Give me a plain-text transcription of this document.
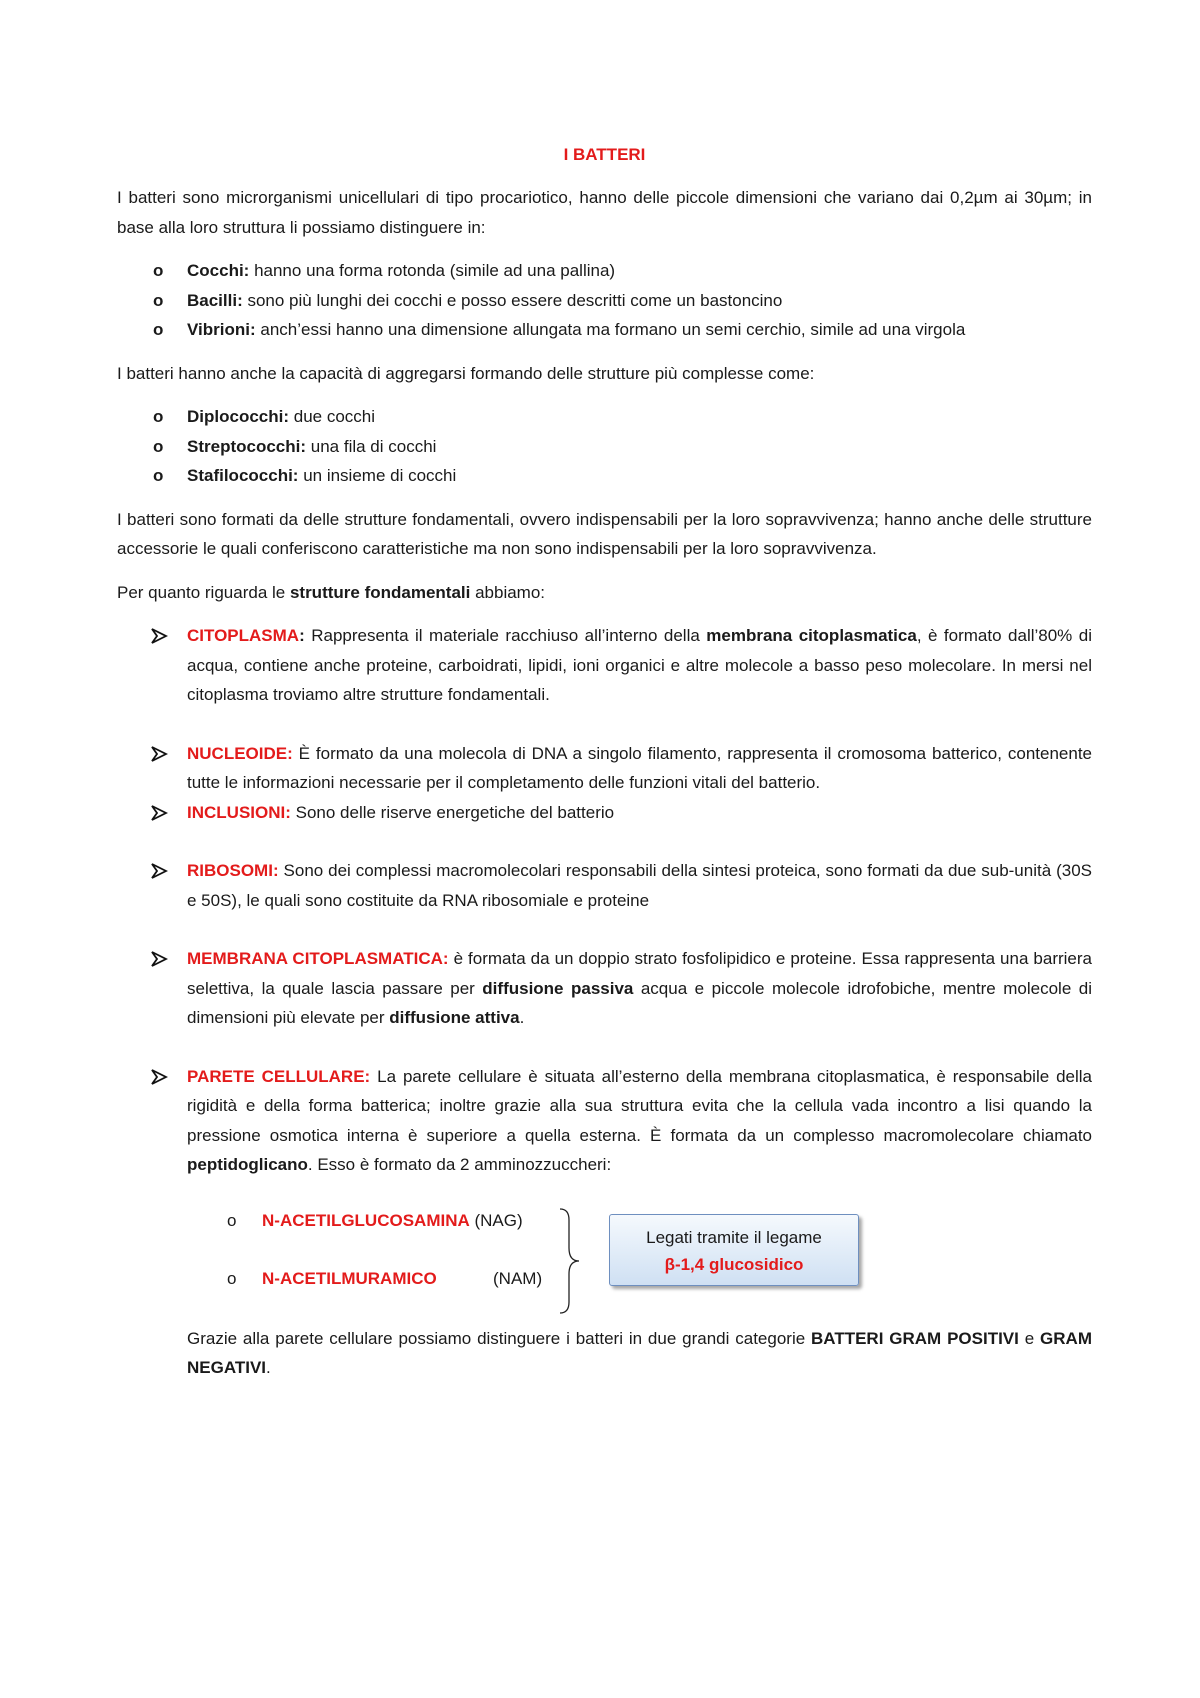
I BATTERI

I batteri sono microrganismi unicellulari di tipo procariotico, hanno delle piccole dimensioni che variano dai 0,2µm ai 30µm; in base alla loro struttura li possiamo distinguere in:

o Cocchi: hanno una forma rotonda (simile ad una pallina)
o Bacilli: sono più lunghi dei cocchi e posso essere descritti come un bastoncino
o Vibrioni: anch’essi hanno una dimensione allungata ma formano un semi cerchio, simile ad una virgola

I batteri hanno anche la capacità di aggregarsi formando delle strutture più complesse come:

o Diplococchi: due cocchi
o Streptococchi: una fila di cocchi
o Stafilococchi: un insieme di cocchi

I batteri sono formati da delle strutture fondamentali, ovvero indispensabili per la loro sopravvivenza; hanno anche delle strutture accessorie le quali conferiscono caratteristiche ma non sono indispensabili per la loro sopravvivenza.

Per quanto riguarda le strutture fondamentali abbiamo:

CITOPLASMA: Rappresenta il materiale racchiuso all’interno della membrana citoplasmatica, è formato dall’80% di acqua, contiene anche proteine, carboidrati, lipidi, ioni organici e altre molecole a basso peso molecolare. In mersi nel citoplasma troviamo altre strutture fondamentali.
NUCLEOIDE: È formato da una molecola di DNA a singolo filamento, rappresenta il cromosoma batterico, contenente tutte le informazioni necessarie per il completamento delle funzioni vitali del batterio.
INCLUSIONI: Sono delle riserve energetiche del batterio
RIBOSOMI: Sono dei complessi macromolecolari responsabili della sintesi proteica, sono formati da due sub-unità (30S e 50S), le quali sono costituite da RNA ribosomiale e proteine
MEMBRANA CITOPLASMATICA: è formata da un doppio strato fosfolipidico e proteine. Essa rappresenta una barriera selettiva, la quale lascia passare per diffusione passiva acqua e piccole molecole idrofobiche, mentre molecole di dimensioni più elevate per diffusione attiva.
PARETE CELLULARE: La parete cellulare è situata all’esterno della membrana citoplasmatica, è responsabile della rigidità e della forma batterica; inoltre grazie alla sua struttura evita che la cellula vada incontro a lisi quando la pressione osmotica interna è superiore a quella esterna. È formata da un complesso macromolecolare chiamato peptidoglicano. Esso è formato da 2 amminozzuccheri:
o N-ACETILGLUCOSAMINA (NAG)
o N-ACETILMURAMICO	(NAM)
Legati tramite il legame
β-1,4 glucosidico

Grazie alla parete cellulare possiamo distinguere i batteri in due grandi categorie BATTERI GRAM POSITIVI e GRAM NEGATIVI.
